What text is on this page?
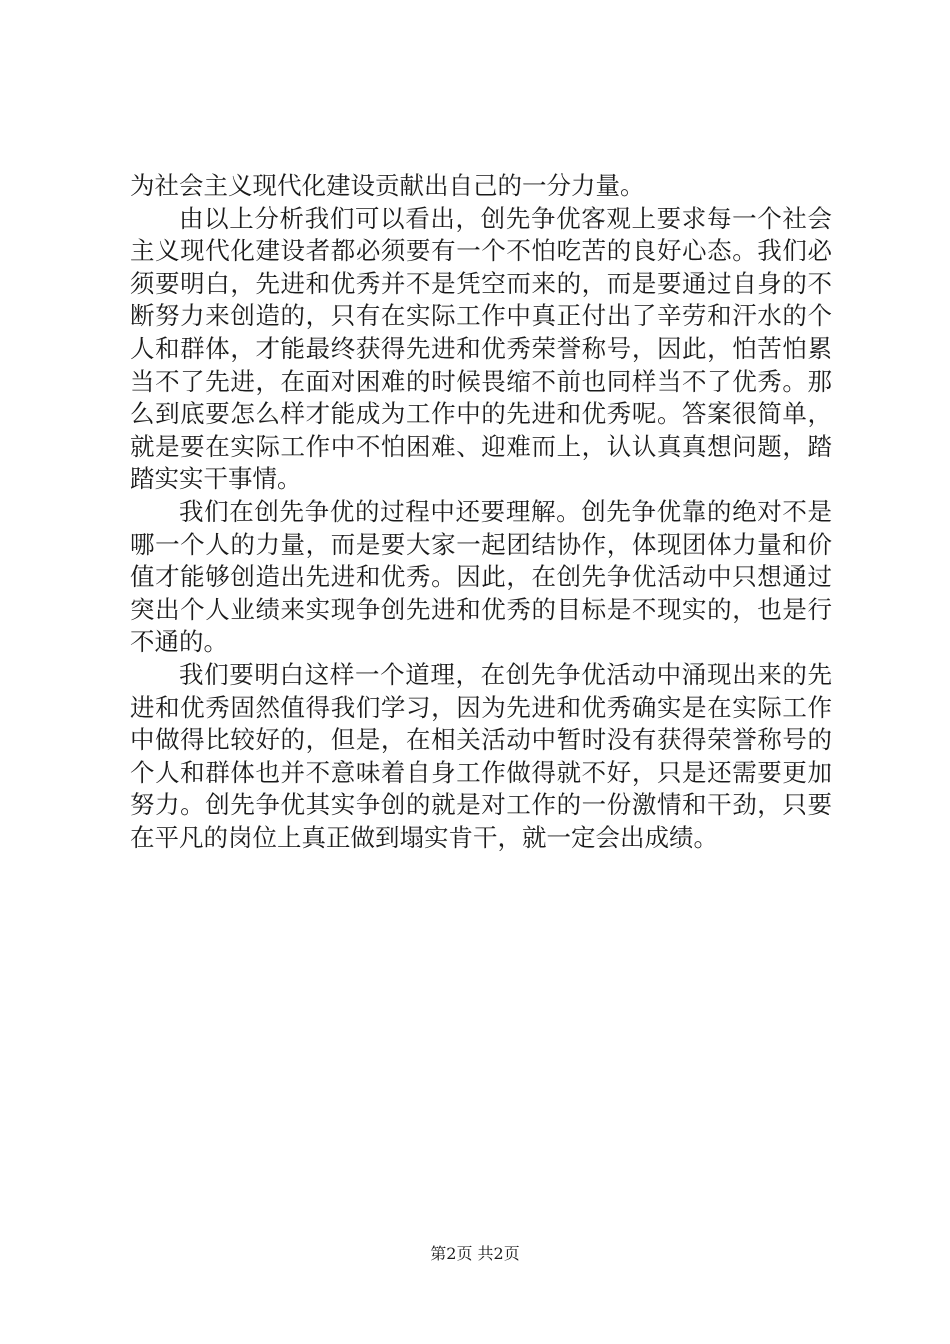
为社会主义现代化建设贡献出自己的一分力量。

由以上分析我们可以看出，创先争优客观上要求每一个社会主义现代化建设者都必须要有一个不怕吃苦的良好心态。我们必须要明白，先进和优秀并不是凭空而来的，而是要通过自身的不断努力来创造的，只有在实际工作中真正付出了辛劳和汗水的个人和群体，才能最终获得先进和优秀荣誉称号，因此，怕苦怕累当不了先进，在面对困难的时候畏缩不前也同样当不了优秀。那么到底要怎么样才能成为工作中的先进和优秀呢。答案很简单，就是要在实际工作中不怕困难、迎难而上，认认真真想问题，踏踏实实干事情。

我们在创先争优的过程中还要理解。创先争优靠的绝对不是哪一个人的力量，而是要大家一起团结协作，体现团体力量和价值才能够创造出先进和优秀。因此，在创先争优活动中只想通过突出个人业绩来实现争创先进和优秀的目标是不现实的，也是行不通的。

我们要明白这样一个道理，在创先争优活动中涌现出来的先进和优秀固然值得我们学习，因为先进和优秀确实是在实际工作中做得比较好的，但是，在相关活动中暂时没有获得荣誉称号的个人和群体也并不意味着自身工作做得就不好，只是还需要更加努力。创先争优其实争创的就是对工作的一份激情和干劲，只要在平凡的岗位上真正做到塌实肯干，就一定会出成绩。

第2页 共2页
